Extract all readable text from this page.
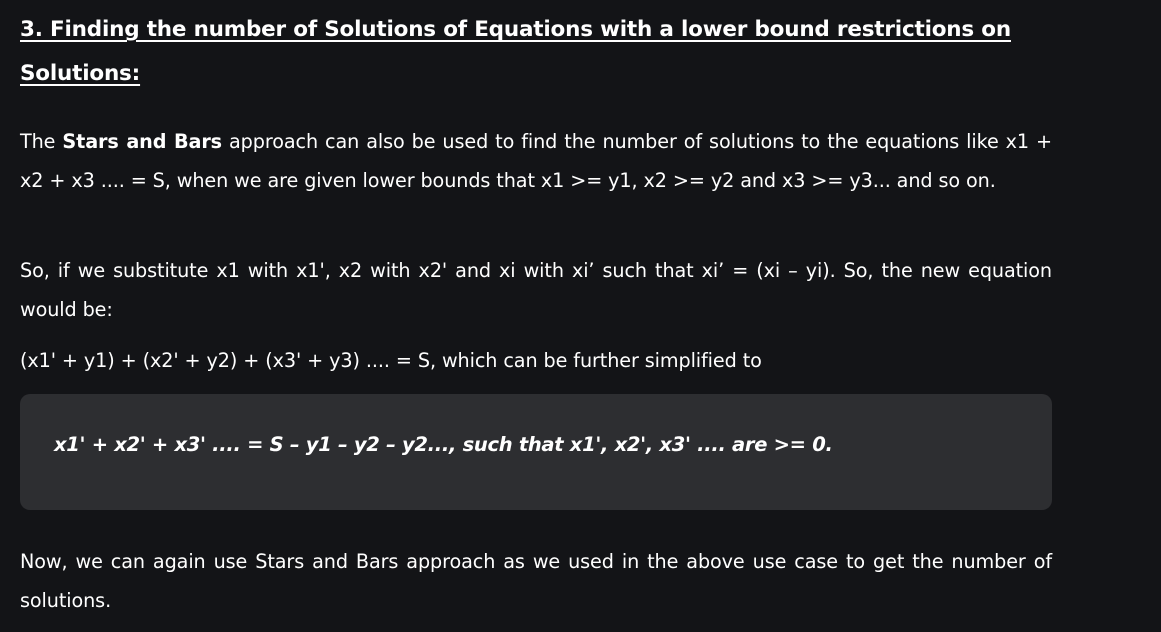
3. Finding the number of Solutions of Equations with a lower bound restrictions on Solutions:

The Stars and Bars approach can also be used to find the number of solutions to the equations like x1 + x2 + x3 .... = S, when we are given lower bounds that x1 >= y1, x2 >= y2 and x3 >= y3... and so on.

So, if we substitute x1 with x1', x2 with x2' and xi with xi’ such that xi’ = (xi – yi). So, the new equation would be:

(x1' + y1) + (x2' + y2) + (x3' + y3) .... = S, which can be further simplified to

x1' + x2' + x3' .... = S – y1 – y2 – y2..., such that x1', x2', x3' .... are >= 0.

Now, we can again use Stars and Bars approach as we used in the above use case to get the number of solutions.
